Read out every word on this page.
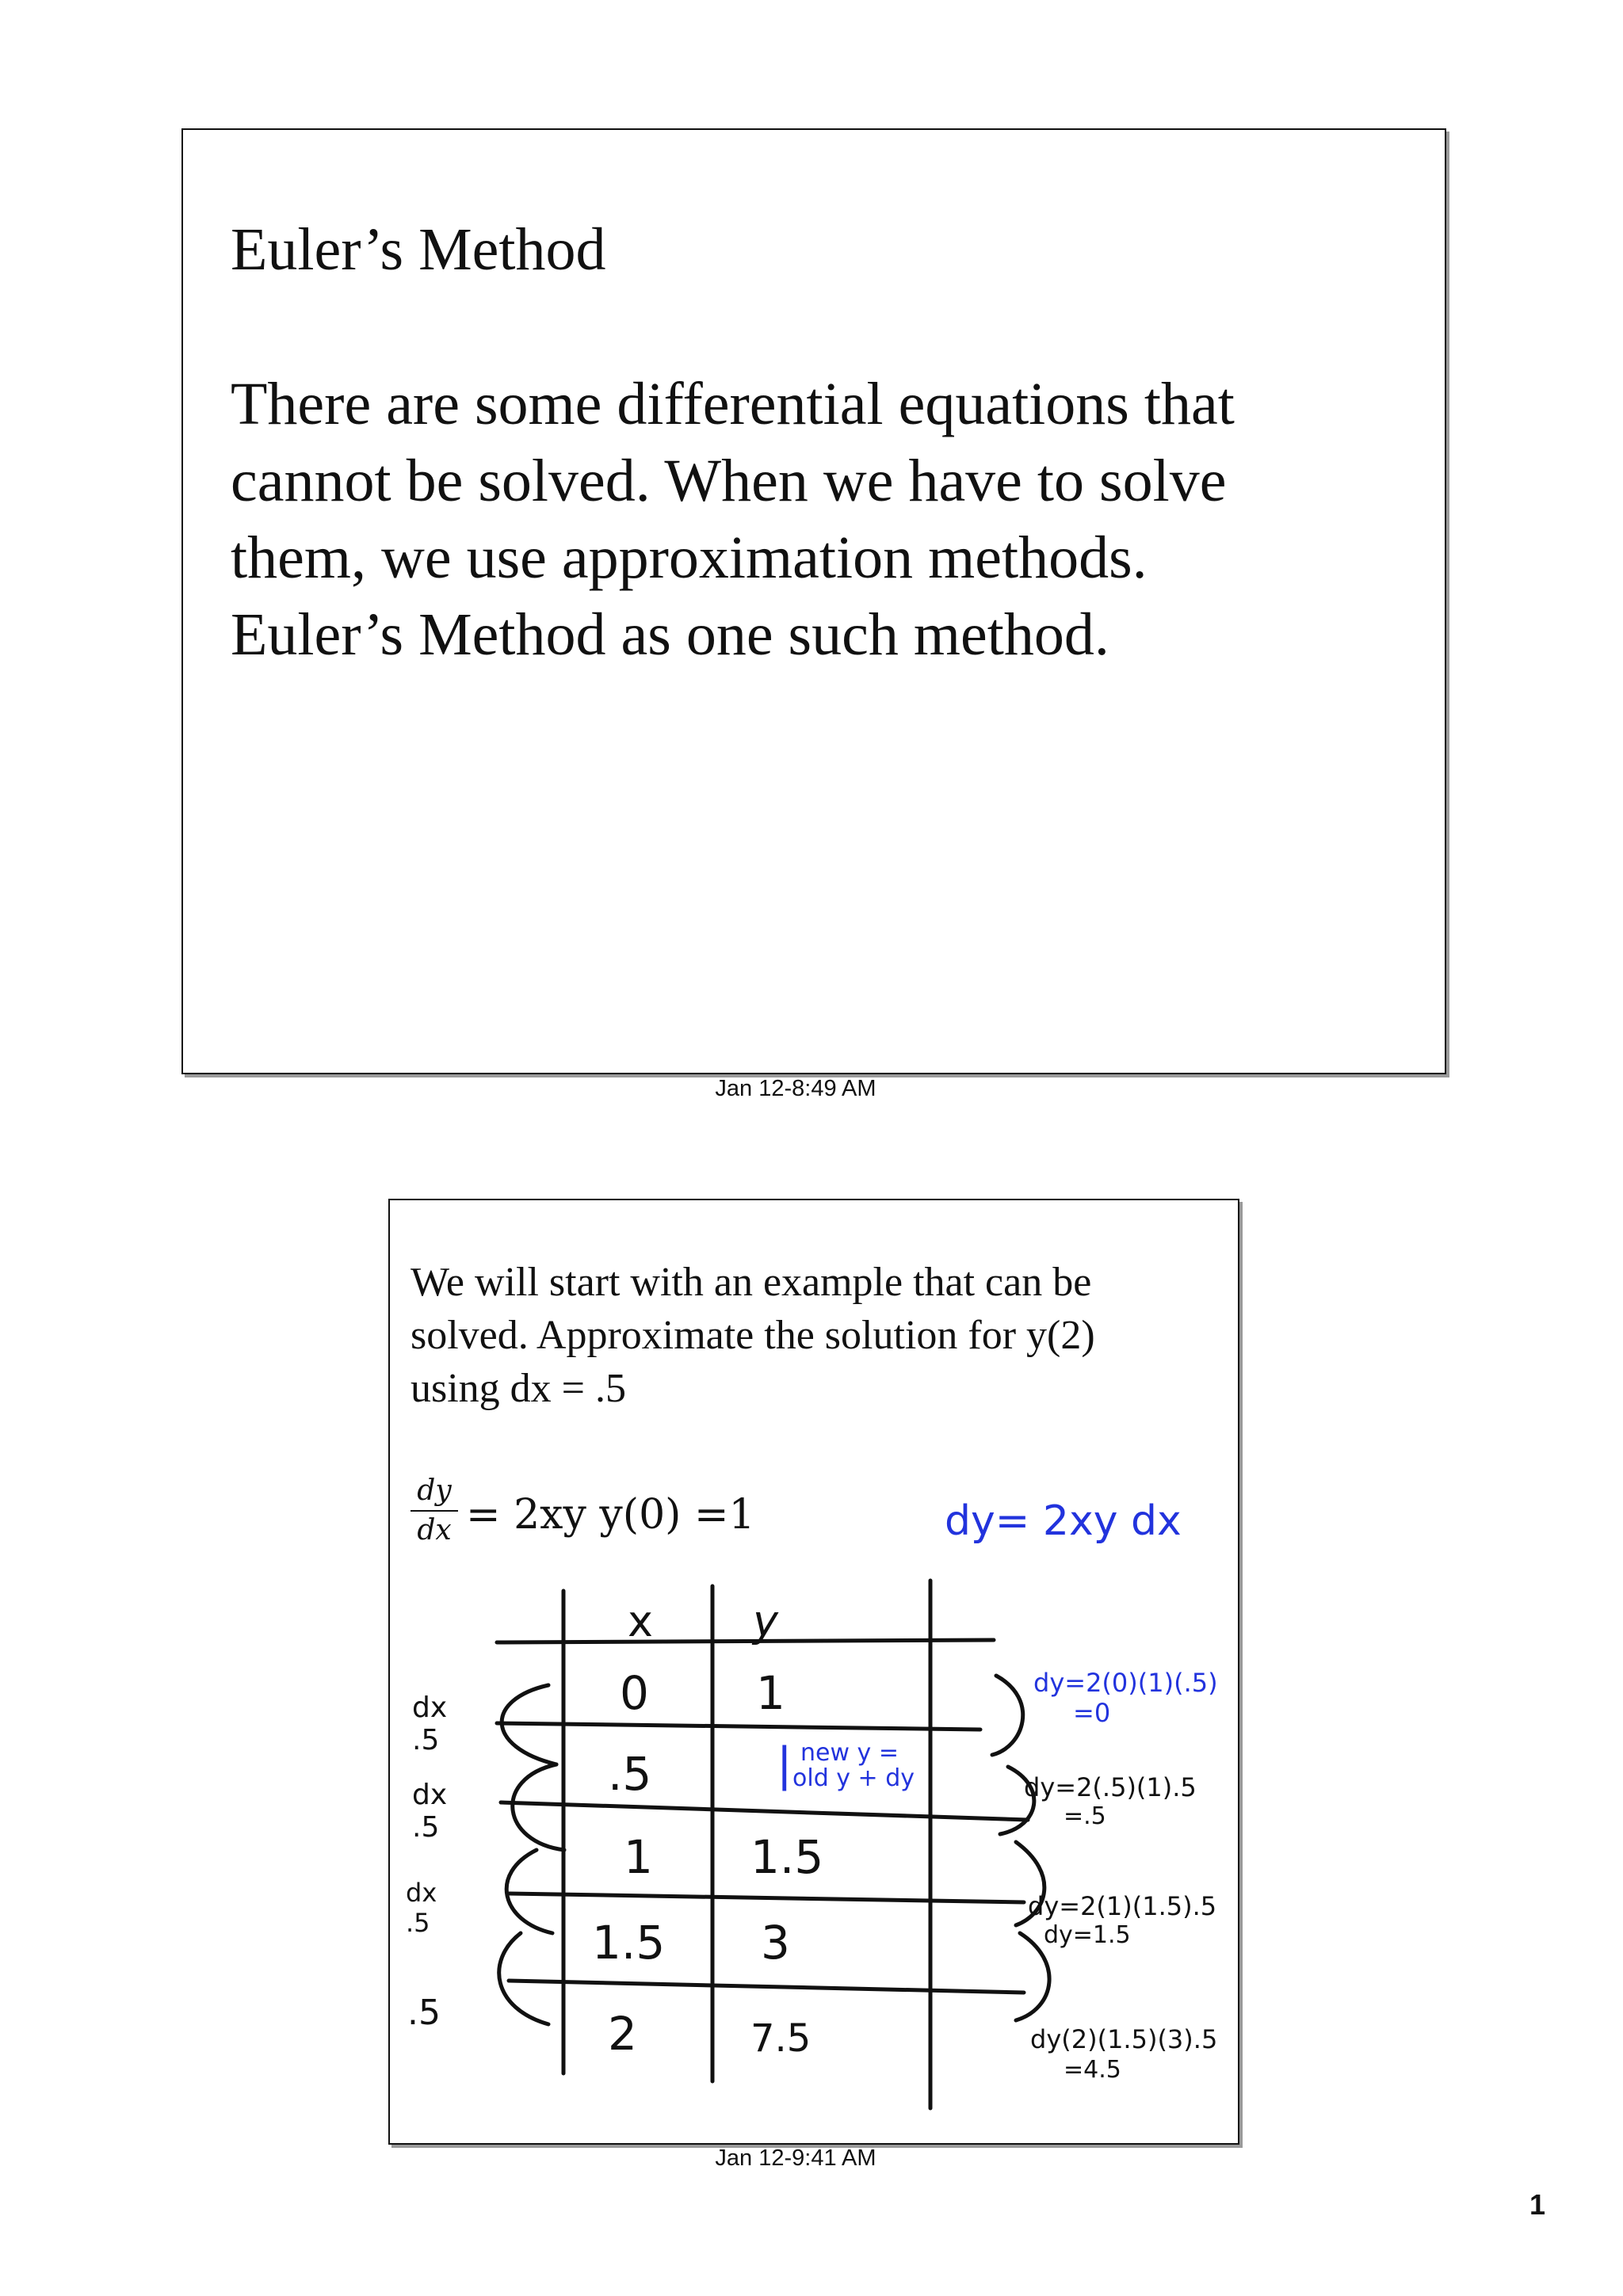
Euler’s Method
There are some differential equations that
cannot be solved. When we have to solve
them, we use approximation methods.
Euler’s Method as one such method.
Jan 12-8:49 AM
We will start with an example that can be
solved. Approximate the solution for y(2)
using dx = .5
dy
dx = 2xy y(0) =1	dy= 2xy dx
x y
0
.5
1
1.5
2
1
1.5
3
7.5
| new y =
old y + dy
dx .5
dx .5
dx .5
.5
dy=2(0)(1)(.5)
=0
dy=2(.5)(1).5
=.5
dy=2(1)(1.5).5
dy=1.5
dy(2)(1.5)(3).5
=4.5
Jan 12-9:41 AM
1
